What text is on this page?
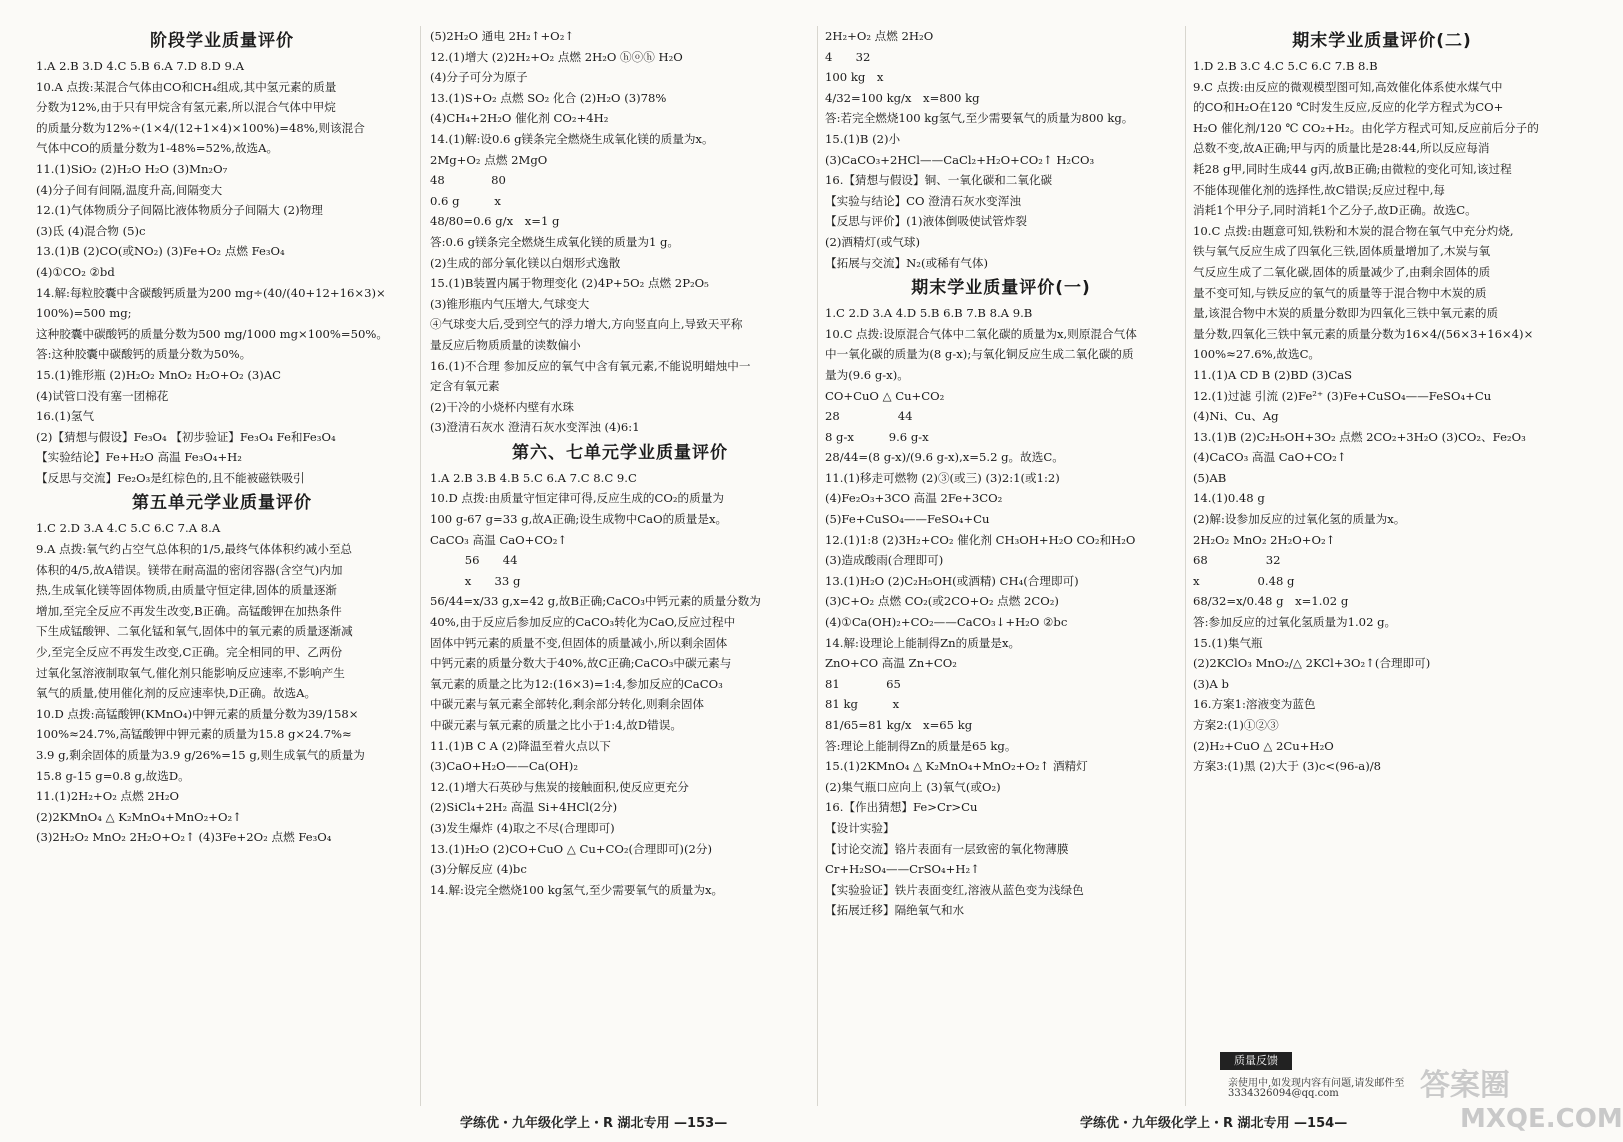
阶段学业质量评价
1.A 2.B 3.D 4.C 5.B 6.A 7.D 8.D 9.A
10.A 点拨:某混合气体由CO和CH₄组成,其中氢元素的质量
分数为12%,由于只有甲烷含有氢元素,所以混合气体中甲烷
的质量分数为12%÷(1×4/(12+1×4)×100%)=48%,则该混合
气体中CO的质量分数为1-48%=52%,故选A。
11.(1)SiO₂ (2)H₂O H₂O (3)Mn₂O₇
(4)分子间有间隔,温度升高,间隔变大
12.(1)气体物质分子间隔比液体物质分子间隔大 (2)物理
(3)氐 (4)混合物 (5)c
13.(1)B (2)CO(或NO₂) (3)Fe+O₂ 点燃 Fe₃O₄
(4)①CO₂ ②bd
14.解:每粒胶囊中含碳酸钙质量为200 mg÷(40/(40+12+16×3)×
100%)=500 mg;
这种胶囊中碳酸钙的质量分数为500 mg/1000 mg×100%=50%。
答:这种胶囊中碳酸钙的质量分数为50%。
15.(1)锥形瓶 (2)H₂O₂ MnO₂ H₂O+O₂ (3)AC
(4)试管口没有塞一团棉花
16.(1)氢气
(2)【猜想与假设】Fe₃O₄ 【初步验证】Fe₃O₄ Fe和Fe₃O₄
【实验结论】Fe+H₂O 高温 Fe₃O₄+H₂
【反思与交流】Fe₂O₃是红棕色的,且不能被磁铁吸引
第五单元学业质量评价
1.C 2.D 3.A 4.C 5.C 6.C 7.A 8.A
9.A 点拨:氧气约占空气总体积的1/5,最终气体体积约减小至总
体积的4/5,故A错误。镁带在耐高温的密闭容器(含空气)内加
热,生成氧化镁等固体物质,由质量守恒定律,固体的质量逐渐
增加,至完全反应不再发生改变,B正确。高锰酸钾在加热条件
下生成锰酸钾、二氧化锰和氧气,固体中的氧元素的质量逐渐减
少,至完全反应不再发生改变,C正确。完全相同的甲、乙两份
过氧化氢溶液制取氧气,催化剂只能影响反应速率,不影响产生
氧气的质量,使用催化剂的反应速率快,D正确。故选A。
10.D 点拨:高锰酸钾(KMnO₄)中钾元素的质量分数为39/158×
100%≈24.7%,高锰酸钾中钾元素的质量为15.8 g×24.7%≈
3.9 g,剩余固体的质量为3.9 g/26%=15 g,则生成氧气的质量为
15.8 g-15 g=0.8 g,故选D。
11.(1)2H₂+O₂ 点燃 2H₂O
(2)2KMnO₄ △ K₂MnO₄+MnO₂+O₂↑
(3)2H₂O₂ MnO₂ 2H₂O+O₂↑ (4)3Fe+2O₂ 点燃 Fe₃O₄
(5)2H₂O 通电 2H₂↑+O₂↑
12.(1)增大 (2)2H₂+O₂ 点燃 2H₂O ⓗⓞⓗ H₂O
(4)分子可分为原子
13.(1)S+O₂ 点燃 SO₂ 化合 (2)H₂O (3)78%
(4)CH₄+2H₂O 催化剂 CO₂+4H₂
14.(1)解:设0.6 g镁条完全燃烧生成氧化镁的质量为x。
2Mg+O₂ 点燃 2MgO
48　　　　80
0.6 g　　　x
48/80=0.6 g/x　x=1 g
答:0.6 g镁条完全燃烧生成氧化镁的质量为1 g。
(2)生成的部分氧化镁以白烟形式逸散
15.(1)B装置内属于物理变化 (2)4P+5O₂ 点燃 2P₂O₅
(3)锥形瓶内气压增大,气球变大
④气球变大后,受到空气的浮力增大,方向竖直向上,导致天平称
量反应后物质质量的读数偏小
16.(1)不合理 参加反应的氧气中含有氧元素,不能说明蜡烛中一
定含有氧元素
(2)干冷的小烧杯内壁有水珠
(3)澄清石灰水 澄清石灰水变浑浊 (4)6:1
第六、七单元学业质量评价
1.A 2.B 3.B 4.B 5.C 6.A 7.C 8.C 9.C
10.D 点拨:由质量守恒定律可得,反应生成的CO₂的质量为
100 g-67 g=33 g,故A正确;设生成物中CaO的质量是x。
CaCO₃ 高温 CaO+CO₂↑
　　　56　　44
　　　x　　33 g
56/44=x/33 g,x=42 g,故B正确;CaCO₃中钙元素的质量分数为
40%,由于反应后参加反应的CaCO₃转化为CaO,反应过程中
固体中钙元素的质量不变,但固体的质量减小,所以剩余固体
中钙元素的质量分数大于40%,故C正确;CaCO₃中碳元素与
氧元素的质量之比为12:(16×3)=1:4,参加反应的CaCO₃
中碳元素与氧元素全部转化,剩余部分转化,则剩余固体
中碳元素与氧元素的质量之比小于1:4,故D错误。
11.(1)B C A (2)降温至着火点以下
(3)CaO+H₂O——Ca(OH)₂
12.(1)增大石英砂与焦炭的接触面积,使反应更充分
(2)SiCl₄+2H₂ 高温 Si+4HCl(2分)
(3)发生爆炸 (4)取之不尽(合理即可)
13.(1)H₂O (2)CO+CuO △ Cu+CO₂(合理即可)(2分)
(3)分解反应 (4)bc
14.解:设完全燃烧100 kg氢气,至少需要氧气的质量为x。
2H₂+O₂ 点燃 2H₂O
4　　32
100 kg　x
4/32=100 kg/x　x=800 kg
答:若完全燃烧100 kg氢气,至少需要氧气的质量为800 kg。
15.(1)B (2)小
(3)CaCO₃+2HCl——CaCl₂+H₂O+CO₂↑ H₂CO₃
16.【猜想与假设】铜、一氧化碳和二氧化碳
【实验与结论】CO 澄清石灰水变浑浊
【反思与评价】(1)液体倒吸使试管炸裂
(2)酒精灯(或气球)
【拓展与交流】N₂(或稀有气体)
期末学业质量评价(一)
1.C 2.D 3.A 4.D 5.B 6.B 7.B 8.A 9.B
10.C 点拨:设原混合气体中二氧化碳的质量为x,则原混合气体
中一氧化碳的质量为(8 g-x);与氧化铜反应生成二氧化碳的质
量为(9.6 g-x)。
CO+CuO △ Cu+CO₂
28　　　　　44
8 g-x　　　9.6 g-x
28/44=(8 g-x)/(9.6 g-x),x=5.2 g。故选C。
11.(1)移走可燃物 (2)③(或三) (3)2:1(或1:2)
(4)Fe₂O₃+3CO 高温 2Fe+3CO₂
(5)Fe+CuSO₄——FeSO₄+Cu
12.(1)1:8 (2)3H₂+CO₂ 催化剂 CH₃OH+H₂O CO₂和H₂O
(3)造成酸雨(合理即可)
13.(1)H₂O (2)C₂H₅OH(或酒精) CH₄(合理即可)
(3)C+O₂ 点燃 CO₂(或2CO+O₂ 点燃 2CO₂)
(4)①Ca(OH)₂+CO₂——CaCO₃↓+H₂O ②bc
14.解:设理论上能制得Zn的质量是x。
ZnO+CO 高温 Zn+CO₂
81　　　　65
81 kg　　　x
81/65=81 kg/x　x=65 kg
答:理论上能制得Zn的质量是65 kg。
15.(1)2KMnO₄ △ K₂MnO₄+MnO₂+O₂↑ 酒精灯
(2)集气瓶口应向上 (3)氧气(或O₂)
16.【作出猜想】Fe>Cr>Cu
【设计实验】
【讨论交流】铬片表面有一层致密的氧化物薄膜
Cr+H₂SO₄——CrSO₄+H₂↑
【实验验证】铁片表面变红,溶液从蓝色变为浅绿色
【拓展迁移】隔绝氧气和水
期末学业质量评价(二)
1.D 2.B 3.C 4.C 5.C 6.C 7.B 8.B
9.C 点拨:由反应的微观模型图可知,高效催化体系使水煤气中
的CO和H₂O在120 ℃时发生反应,反应的化学方程式为CO+
H₂O 催化剂/120 ℃ CO₂+H₂。由化学方程式可知,反应前后分子的
总数不变,故A正确;甲与丙的质量比是28:44,所以反应每消
耗28 g甲,同时生成44 g丙,故B正确;由微粒的变化可知,该过程
不能体现催化剂的选择性,故C错误;反应过程中,每
消耗1个甲分子,同时消耗1个乙分子,故D正确。故选C。
10.C 点拨:由题意可知,铁粉和木炭的混合物在氧气中充分灼烧,
铁与氧气反应生成了四氧化三铁,固体质量增加了,木炭与氧
气反应生成了二氧化碳,固体的质量减少了,由剩余固体的质
量不变可知,与铁反应的氧气的质量等于混合物中木炭的质
量,该混合物中木炭的质量分数即为四氧化三铁中氧元素的质
量分数,四氧化三铁中氧元素的质量分数为16×4/(56×3+16×4)×
100%≈27.6%,故选C。
11.(1)A CD B (2)BD (3)CaS
12.(1)过滤 引流 (2)Fe²⁺ (3)Fe+CuSO₄——FeSO₄+Cu
(4)Ni、Cu、Ag
13.(1)B (2)C₂H₅OH+3O₂ 点燃 2CO₂+3H₂O (3)CO₂、Fe₂O₃
(4)CaCO₃ 高温 CaO+CO₂↑
(5)AB
14.(1)0.48 g
(2)解:设参加反应的过氧化氢的质量为x。
2H₂O₂ MnO₂ 2H₂O+O₂↑
68　　　　　32
x　　　　　0.48 g
68/32=x/0.48 g　x=1.02 g
答:参加反应的过氧化氢质量为1.02 g。
15.(1)集气瓶
(2)2KClO₃ MnO₂/△ 2KCl+3O₂↑(合理即可)
(3)A b
16.方案1:溶液变为蓝色
方案2:(1)①②③
(2)H₂+CuO △ 2Cu+H₂O
方案3:(1)黑 (2)大于 (3)c<(96-a)/8
质量反馈
亲使用中,如发现内容有问题,请发邮件至
3334326094@qq.com	答案圈
MXQE.COM
学练优・九年级化学上・R 湖北专用 —153—	学练优・九年级化学上・R 湖北专用 —154—
